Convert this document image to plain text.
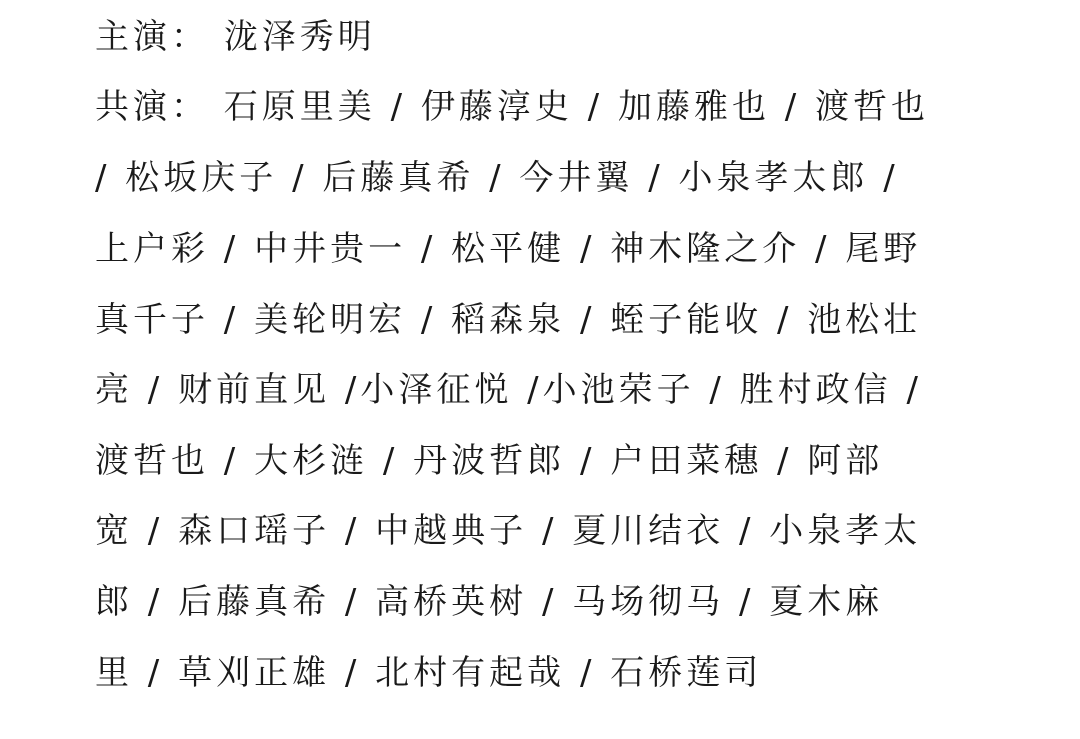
主演： 泷泽秀明
共演： 石原里美 / 伊藤淳史 / 加藤雅也 / 渡哲也
/ 松坂庆子 / 后藤真希 / 今井翼 / 小泉孝太郎 /
上户彩 / 中井贵一 / 松平健 / 神木隆之介 / 尾野
真千子 / 美轮明宏 / 稻森泉 / 蛭子能收 / 池松壮
亮 / 财前直见 /小泽征悦 /小池荣子 / 胜村政信 /
渡哲也 / 大杉涟 / 丹波哲郎 / 户田菜穗 / 阿部
宽 / 森口瑶子 / 中越典子 / 夏川结衣 / 小泉孝太
郎 / 后藤真希 / 高桥英树 / 马场彻马 / 夏木麻
里 / 草刈正雄 / 北村有起哉 / 石桥莲司
